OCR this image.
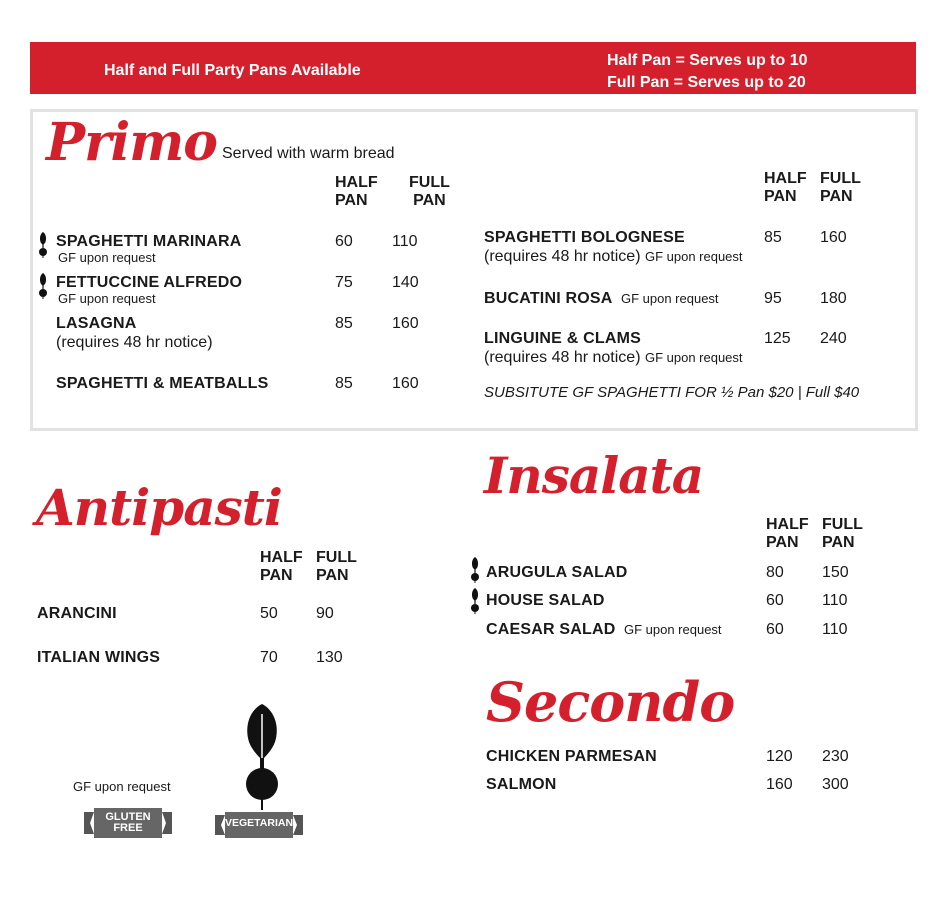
Half and Full Party Pans Available
Half Pan = Serves up to 10
Full Pan = Serves up to 20
Primo Served with warm bread
HALF
PAN
FULL
PAN
HALF
PAN
FULL
PAN
SPAGHETTI MARINARA
GF upon request
60 110
FETTUCCINE ALFREDO
GF upon request
75 140
LASAGNA
(requires 48 hr notice)
85 160
SPAGHETTI & MEATBALLS	85 160
SPAGHETTI BOLOGNESE
(requires 48 hr notice) GF upon request
85 160
BUCATINI ROSA GF upon request	95 180
LINGUINE & CLAMS
(requires 48 hr notice) GF upon request
125 240
SUBSITUTE GF SPAGHETTI FOR ½ Pan $20 | Full $40
Antipasti
HALF
PAN
FULL
PAN
ARANCINI	50 90
ITALIAN WINGS	70 130
Insalata
HALF
PAN
FULL
PAN
ARUGULA SALAD	80 150
HOUSE SALAD	60 110
CAESAR SALAD GF upon request	60 110
Secondo
CHICKEN PARMESAN	120 230
SALMON	160 300
GF upon request
GLUTEN
FREE	VEGETARIAN
